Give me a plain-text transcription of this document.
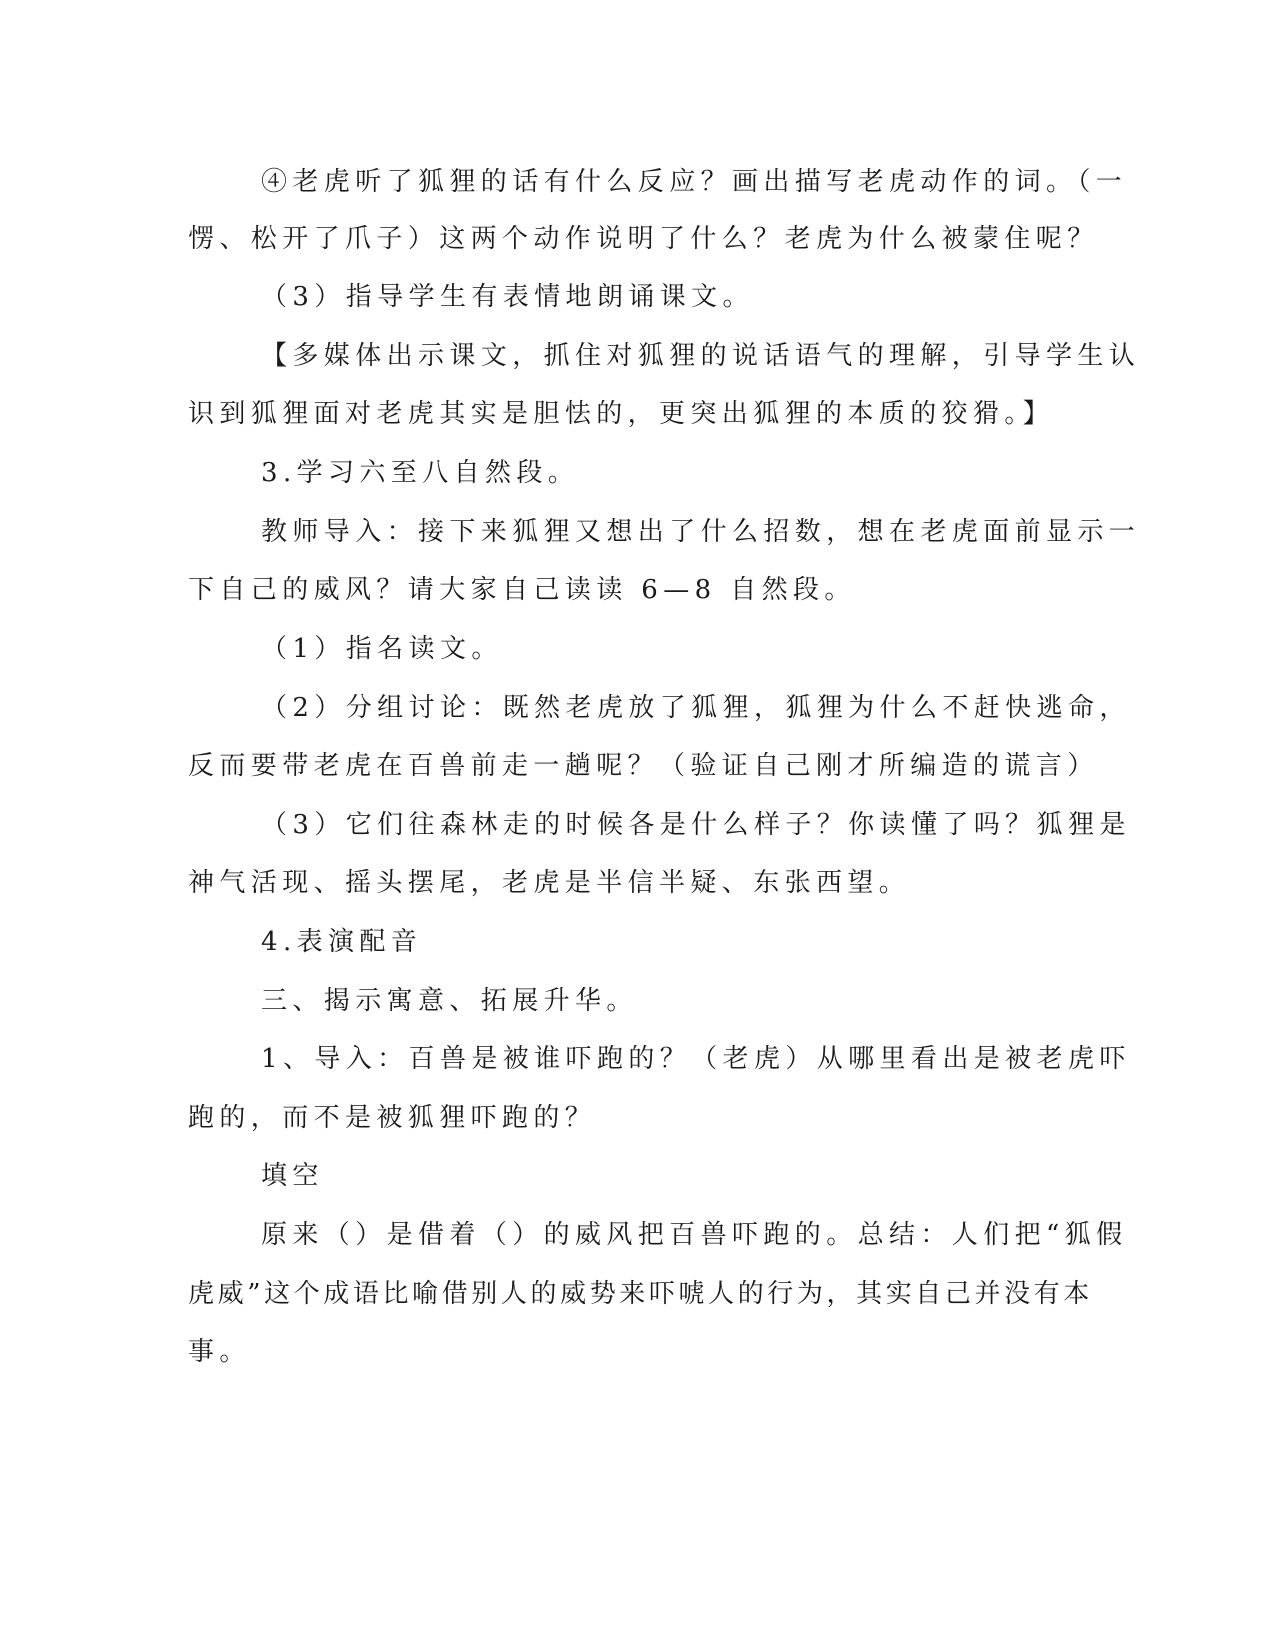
④老虎听了狐狸的话有什么反应？画出描写老虎动作的词。（一
愣、松开了爪子）这两个动作说明了什么？老虎为什么被蒙住呢？
（3）指导学生有表情地朗诵课文。
【多媒体出示课文，抓住对狐狸的说话语气的理解，引导学生认
识到狐狸面对老虎其实是胆怯的，更突出狐狸的本质的狡猾。】
3.学习六至八自然段。
教师导入：接下来狐狸又想出了什么招数，想在老虎面前显示一
下自己的威风？请大家自己读读 6—8 自然段。
（1）指名读文。
（2）分组讨论：既然老虎放了狐狸，狐狸为什么不赶快逃命，
反而要带老虎在百兽前走一趟呢？（验证自己刚才所编造的谎言）
（3）它们往森林走的时候各是什么样子？你读懂了吗？狐狸是
神气活现、摇头摆尾，老虎是半信半疑、东张西望。
4.表演配音
三、揭示寓意、拓展升华。
1、导入：百兽是被谁吓跑的？（老虎）从哪里看出是被老虎吓
跑的，而不是被狐狸吓跑的？
填空
原来（）是借着（）的威风把百兽吓跑的。总结：人们把“狐假
虎威”这个成语比喻借别人的威势来吓唬人的行为，其实自己并没有本
事。
